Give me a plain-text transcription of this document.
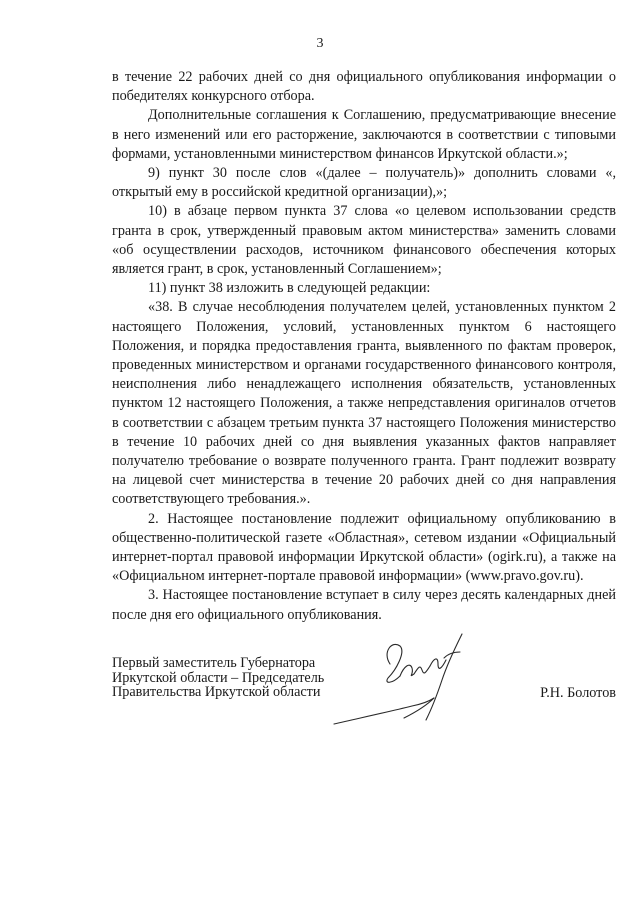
3

в течение 22 рабочих дней со дня официального опубликования информации о победителях конкурсного отбора.

Дополнительные соглашения к Соглашению, предусматривающие внесение в него изменений или его расторжение, заключаются в соответствии с типовыми формами, установленными министерством финансов Иркутской области.»;

9) пункт 30 после слов «(далее – получатель)» дополнить словами «, открытый ему в российской кредитной организации),»;

10) в абзаце первом пункта 37 слова «о целевом использовании средств гранта в срок, утвержденный правовым актом министерства» заменить словами «об осуществлении расходов, источником финансового обеспечения которых является грант, в срок, установленный Соглашением»;

11) пункт 38 изложить в следующей редакции:

«38. В случае несоблюдения получателем целей, установленных пунктом 2 настоящего Положения, условий, установленных пунктом 6 настоящего Положения, и порядка предоставления гранта, выявленного по фактам проверок, проведенных министерством и органами государственного финансового контроля, неисполнения либо ненадлежащего исполнения обязательств, установленных пунктом 12 настоящего Положения, а также непредставления оригиналов отчетов в соответствии с абзацем третьим пункта 37 настоящего Положения министерство в течение 10 рабочих дней со дня выявления указанных фактов направляет получателю требование о возврате полученного гранта. Грант подлежит возврату на лицевой счет министерства в течение 20 рабочих дней со дня направления соответствующего требования.».

2. Настоящее постановление подлежит официальному опубликованию в общественно-политической газете «Областная», сетевом издании «Официальный интернет-портал правовой информации Иркутской области» (ogirk.ru), а также на «Официальном интернет-портале правовой информации» (www.pravo.gov.ru).

3. Настоящее постановление вступает в силу через десять календарных дней после дня его официального опубликования.

Первый заместитель Губернатора
Иркутской области – Председатель
Правительства Иркутской области	Р.Н. Болотов
